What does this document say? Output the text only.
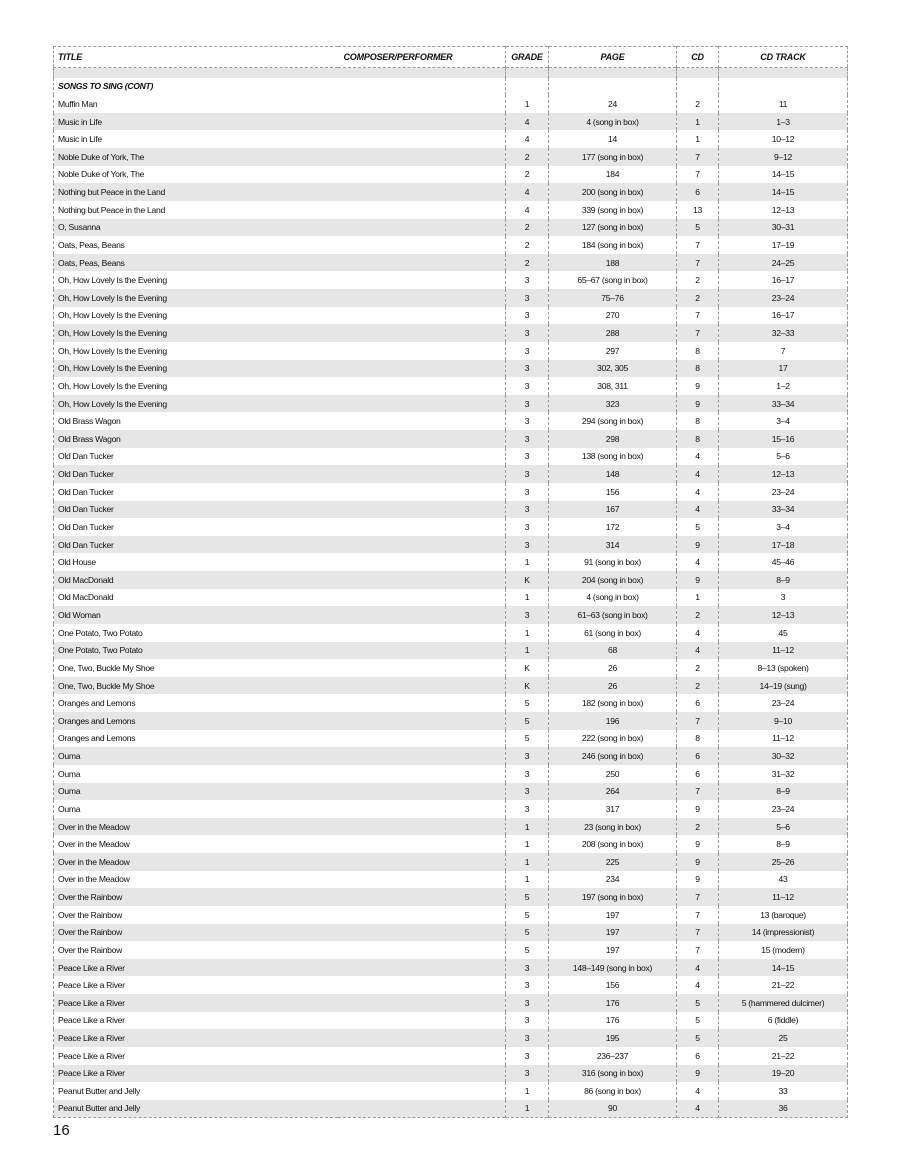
TITLE	COMPOSER/PERFORMER	GRADE	PAGE	CD	CD TRACK

SONGS TO SING (CONT)					
Muffin Man		1	24	2	11
Music in Life		4	4 (song in box)	1	1–3
Music in Life		4	14	1	10–12
Noble Duke of York, The		2	177 (song in box)	7	9–12
Noble Duke of York, The		2	184	7	14–15
Nothing but Peace in the Land		4	200 (song in box)	6	14–15
Nothing but Peace in the Land		4	339 (song in box)	13	12–13
O, Susanna		2	127 (song in box)	5	30–31
Oats, Peas, Beans		2	184 (song in box)	7	17–19
Oats, Peas, Beans		2	188	7	24–25
Oh, How Lovely Is the Evening		3	65–67 (song in box)	2	16–17
Oh, How Lovely Is the Evening		3	75–76	2	23–24
Oh, How Lovely Is the Evening		3	270	7	16–17
Oh, How Lovely Is the Evening		3	288	7	32–33
Oh, How Lovely Is the Evening		3	297	8	7
Oh, How Lovely Is the Evening		3	302, 305	8	17
Oh, How Lovely Is the Evening		3	308, 311	9	1–2
Oh, How Lovely Is the Evening		3	323	9	33–34
Old Brass Wagon		3	294 (song in box)	8	3–4
Old Brass Wagon		3	298	8	15–16
Old Dan Tucker		3	138 (song in box)	4	5–6
Old Dan Tucker		3	148	4	12–13
Old Dan Tucker		3	156	4	23–24
Old Dan Tucker		3	167	4	33–34
Old Dan Tucker		3	172	5	3–4
Old Dan Tucker		3	314	9	17–18
Old House		1	91 (song in box)	4	45–46
Old MacDonald		K	204 (song in box)	9	8–9
Old MacDonald		1	4 (song in box)	1	3
Old Woman		3	61–63 (song in box)	2	12–13
One Potato, Two Potato		1	61 (song in box)	4	45
One Potato, Two Potato		1	68	4	11–12
One, Two, Buckle My Shoe		K	26	2	8–13 (spoken)
One, Two, Buckle My Shoe		K	26	2	14–19 (sung)
Oranges and Lemons		5	182 (song in box)	6	23–24
Oranges and Lemons		5	196	7	9–10
Oranges and Lemons		5	222 (song in box)	8	11–12
Ouma		3	246 (song in box)	6	30–32
Ouma		3	250	6	31–32
Ouma		3	264	7	8–9
Ouma		3	317	9	23–24
Over in the Meadow		1	23 (song in box)	2	5–6
Over in the Meadow		1	208 (song in box)	9	8–9
Over in the Meadow		1	225	9	25–26
Over in the Meadow		1	234	9	43
Over the Rainbow		5	197 (song in box)	7	11–12
Over the Rainbow		5	197	7	13 (baroque)
Over the Rainbow		5	197	7	14 (impressionist)
Over the Rainbow		5	197	7	15 (modern)
Peace Like a River		3	148–149 (song in box)	4	14–15
Peace Like a River		3	156	4	21–22
Peace Like a River		3	176	5	5 (hammered dulcimer)
Peace Like a River		3	176	5	6 (fiddle)
Peace Like a River		3	195	5	25
Peace Like a River		3	236–237	6	21–22
Peace Like a River		3	316 (song in box)	9	19–20
Peanut Butter and Jelly		1	86 (song in box)	4	33
Peanut Butter and Jelly		1	90	4	36
16
